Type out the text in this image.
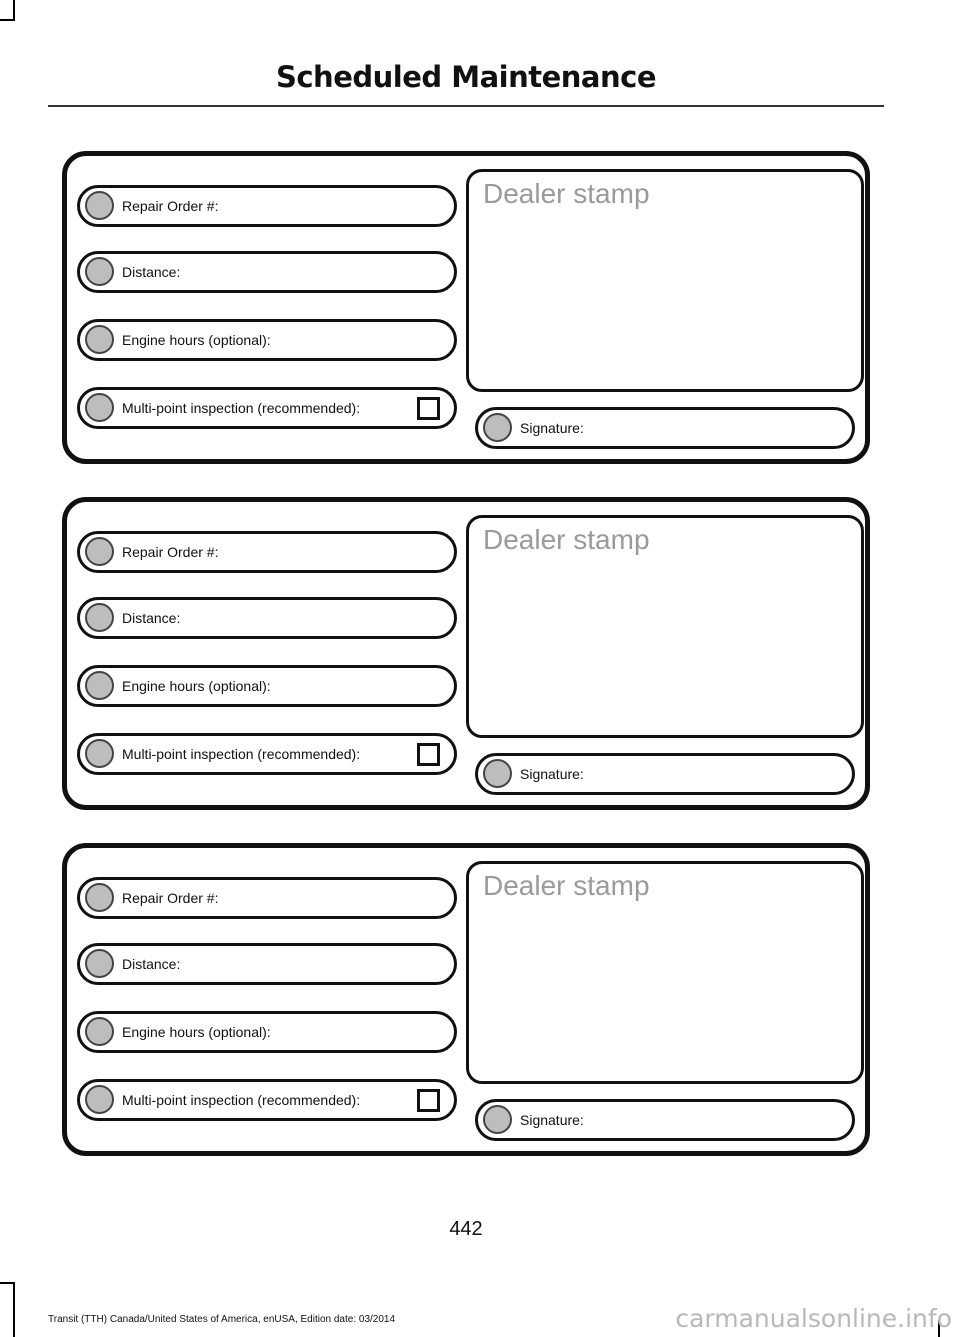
Scheduled Maintenance
Repair Order #:
Distance:
Engine hours (optional):
Multi-point inspection (recommended):
Dealer stamp
Signature:
Repair Order #:
Distance:
Engine hours (optional):
Multi-point inspection (recommended):
Dealer stamp
Signature:
Repair Order #:
Distance:
Engine hours (optional):
Multi-point inspection (recommended):
Dealer stamp
Signature:
442
Transit (TTH) Canada/United States of America, enUSA, Edition date: 03/2014	carmanualsonline.info
